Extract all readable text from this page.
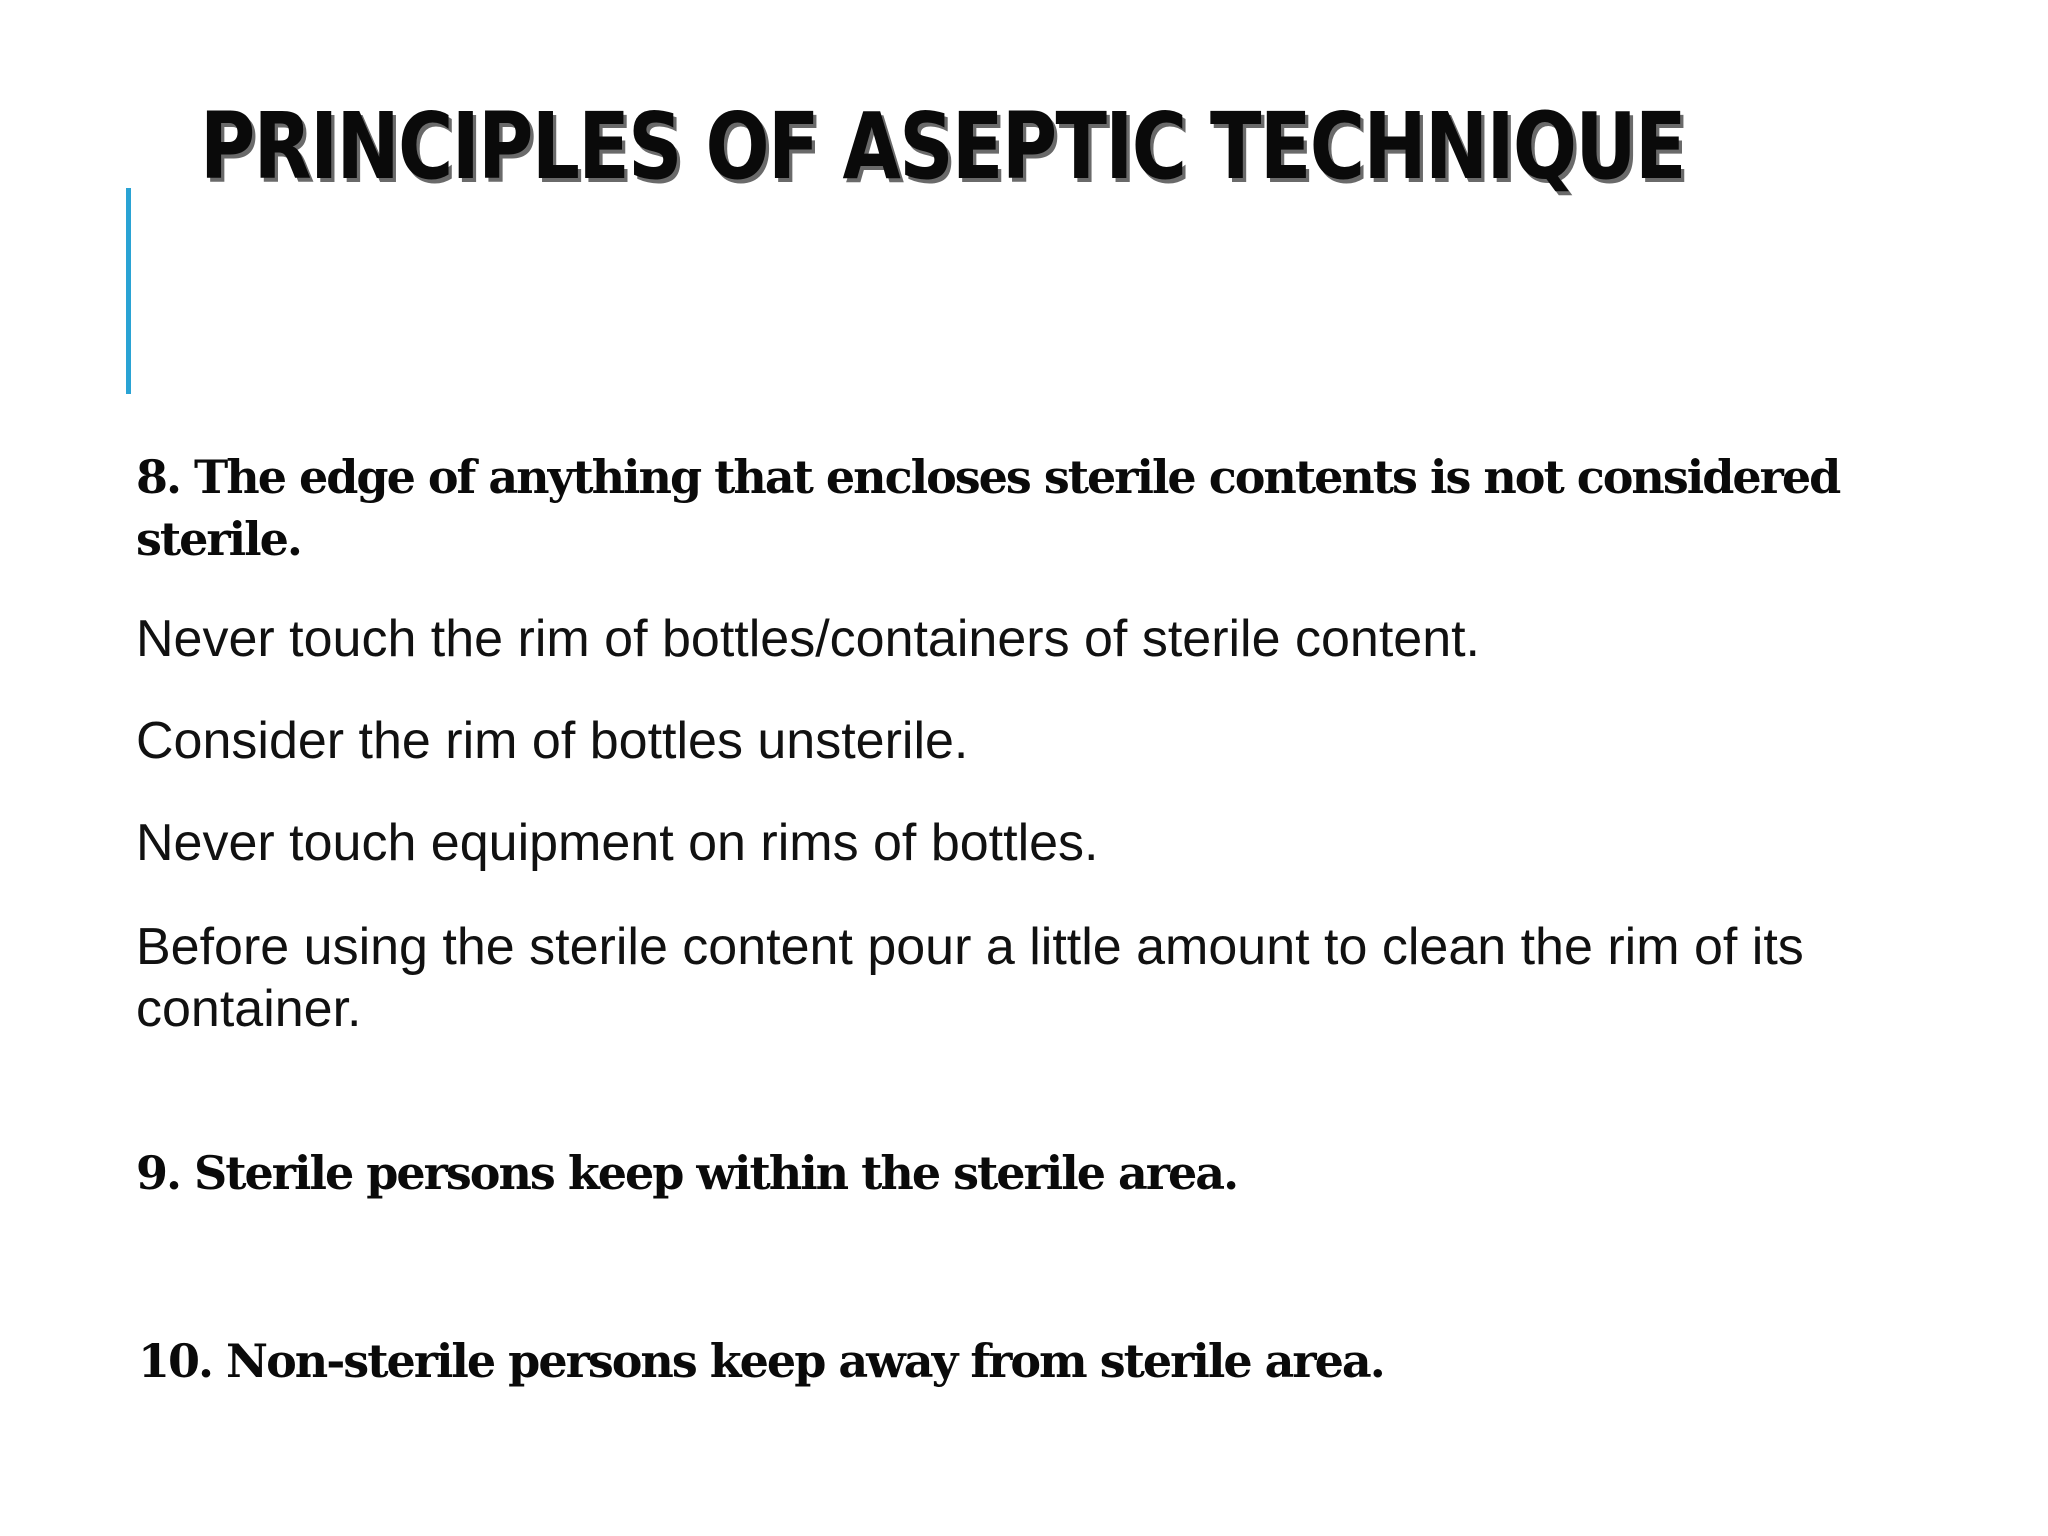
PRINCIPLES OF ASEPTIC TECHNIQUE

8. The edge of anything that encloses sterile contents is not considered sterile.

Never touch the rim of bottles/containers of sterile content.

Consider the rim of bottles unsterile.

Never touch equipment on rims of bottles.

Before using the sterile content pour a little amount to clean the rim of its container.

9. Sterile persons keep within the sterile area.

10. Non-sterile persons keep away from sterile area.
